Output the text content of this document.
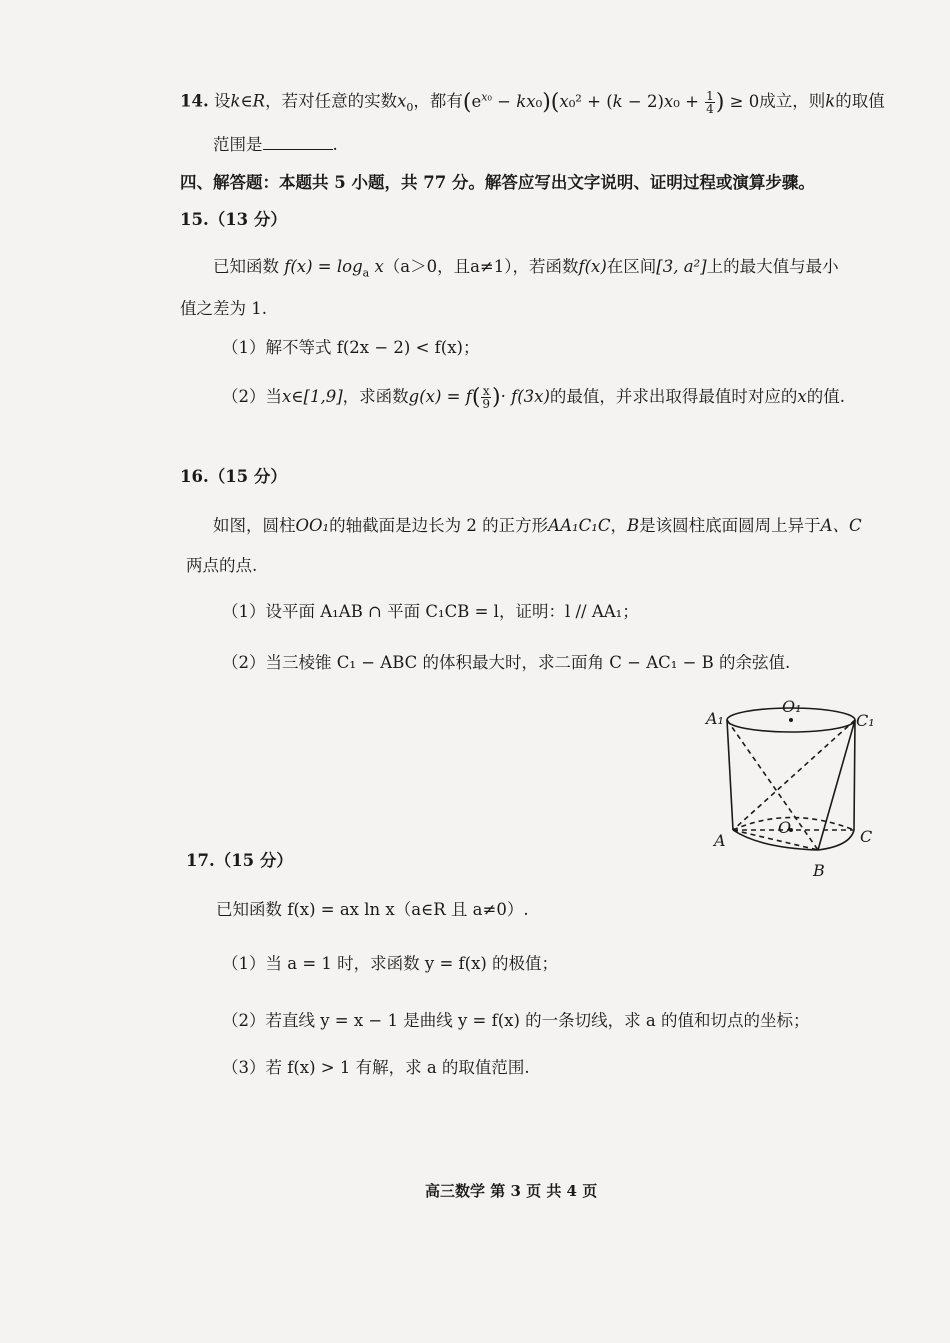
14. 设k∈R，若对任意的实数$x_0$，都有$(e^{x_0} - kx_0)(x_0^2 + (k - 2)x_0 + \frac{1}{4}$ ) ≥ 0成立，则k的取值
范围是	.
四、解答题：本题共 5 小题，共 77 分。解答应写出文字说明、证明过程或演算步骤。
15.（13 分）
已知函数 $f(x) = \log_a x(a>0$，且a≠1），若函数f(x)在区间[3, a²]上的最大值与最小
值之差为 1.
（1）解不等式 f(2x − 2) < f(x)；
（2）当x∈[1,9]，求函数$g(x) = f( \frac{x}{9}$ )· f(3x)的最值，并求出取得最值时对应的x的值.
16.（15 分）
如图，圆柱OO₁的轴截面是边长为 2 的正方形AA₁C₁C，B是该圆柱底面圆周上异于A、C
两点的点.
（1）设平面 A₁AB ∩ 平面 C₁CB = l，证明：l // AA₁；
（2）当三棱锥 C₁ − ABC 的体积最大时，求二面角 C − AC₁ − B 的余弦值.
A₁
O₁
C₁
A
O	C
B
17.（15 分）
已知函数 f(x) = ax ln x（a∈R 且 a≠0）.
（1）当 a = 1 时，求函数 y = f(x) 的极值；
（2）若直线 y = x − 1 是曲线 y = f(x) 的一条切线，求 a 的值和切点的坐标；
（3）若 f(x) > 1 有解，求 a 的取值范围.
高三数学 第 3 页 共 4 页
